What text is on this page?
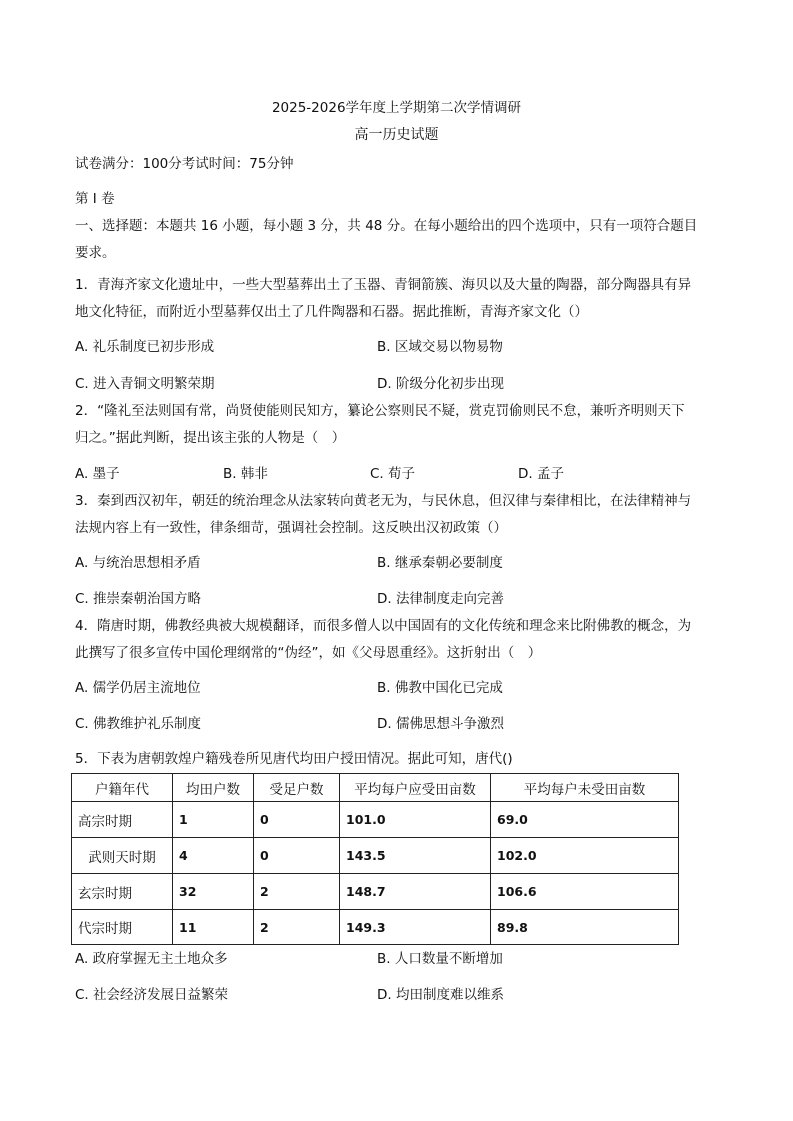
2025-2026学年度上学期第二次学情调研
高一历史试题
试卷满分：100分考试时间：75分钟
第 I 卷
一、选择题：本题共 16 小题，每小题 3 分，共 48 分。在每小题给出的四个选项中，只有一项符合题目
要求。
1．青海齐家文化遗址中，一些大型墓葬出土了玉器、青铜箭簇、海贝以及大量的陶器，部分陶器具有异
地文化特征，而附近小型墓葬仅出土了几件陶器和石器。据此推断，青海齐家文化（）
A. 礼乐制度已初步形成	B. 区域交易以物易物
C. 进入青铜文明繁荣期	D. 阶级分化初步出现
2．“隆礼至法则国有常，尚贤使能则民知方，纂论公察则民不疑，赏克罚偷则民不怠，兼听齐明则天下
归之。”据此判断，提出该主张的人物是（　）
A. 墨子	B. 韩非	C. 荀子	D. 孟子
3．秦到西汉初年，朝廷的统治理念从法家转向黄老无为，与民休息，但汉律与秦律相比，在法律精神与
法规内容上有一致性，律条细苛，强调社会控制。这反映出汉初政策（）
A. 与统治思想相矛盾	B. 继承秦朝必要制度
C. 推崇秦朝治国方略	D. 法律制度走向完善
4．隋唐时期，佛教经典被大规模翻译，而很多僧人以中国固有的文化传统和理念来比附佛教的概念，为
此撰写了很多宣传中国伦理纲常的“伪经”，如《父母恩重经》。这折射出（　）
A. 儒学仍居主流地位	B. 佛教中国化已完成
C. 佛教维护礼乐制度	D. 儒佛思想斗争激烈
5．下表为唐朝敦煌户籍残卷所见唐代均田户授田情况。据此可知，唐代()
户籍年代	均田户数	受足户数	平均每户应受田亩数	平均每户未受田亩数
高宗时期	1	0	101.0	69.0
武则天时期	4	0	143.5	102.0
玄宗时期	32	2	148.7	106.6
代宗时期	11	2	149.3	89.8
A. 政府掌握无主土地众多	B. 人口数量不断增加
C. 社会经济发展日益繁荣	D. 均田制度难以维系
